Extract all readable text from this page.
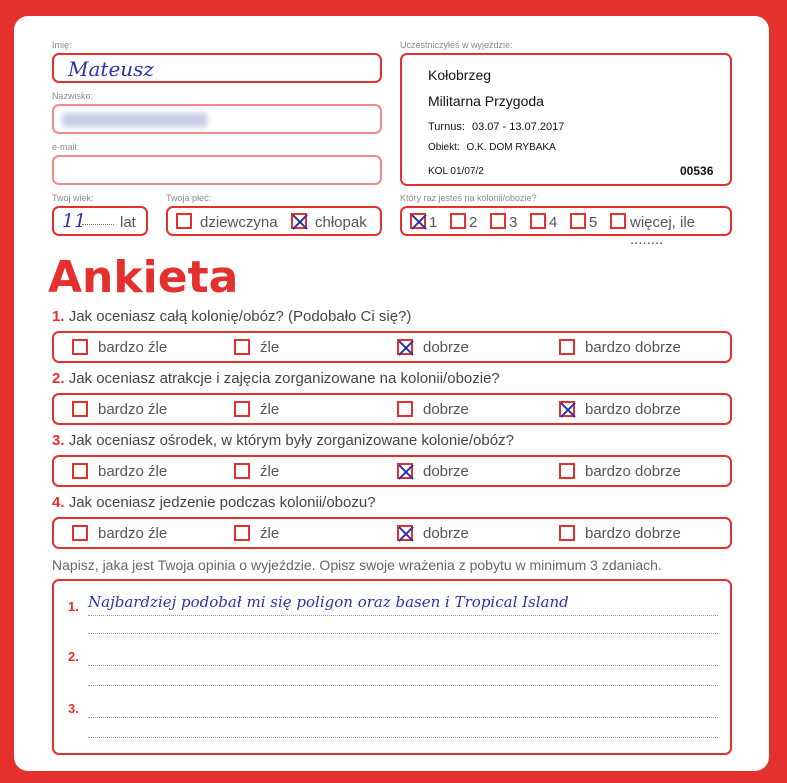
Imię:
Mateusz
Nazwisko:
e-mail:
Twój wiek:
11 lat
Twoja płeć:
dziewczyna chłopak
Uczestniczyłeś w wyjeździe:
Kołobrzeg
Militarna Przygoda
Turnus: 03.07 - 13.07.2017
Obiekt: O.K. DOM RYBAKA
KOL 01/07/2	00536
Który raz jesteś na kolonii/obozie?
1 2 3 4 5 więcej, ile ........
Ankieta
1. Jak oceniasz całą kolonię/obóz? (Podobało Ci się?)
bardzo źle	źle	dobrze	bardzo dobrze
2. Jak oceniasz atrakcje i zajęcia zorganizowane na kolonii/obozie?
bardzo źle	źle	dobrze	bardzo dobrze
3. Jak oceniasz ośrodek, w którym były zorganizowane kolonie/obóz?
bardzo źle	źle	dobrze	bardzo dobrze
4. Jak oceniasz jedzenie podczas kolonii/obozu?
bardzo źle	źle	dobrze	bardzo dobrze
Napisz, jaka jest Twoja opinia o wyjeździe. Opisz swoje wrażenia z pobytu w minimum 3 zdaniach.
1. Najbardziej podobał mi się poligon oraz basen i Tropical Island
2.
3.
